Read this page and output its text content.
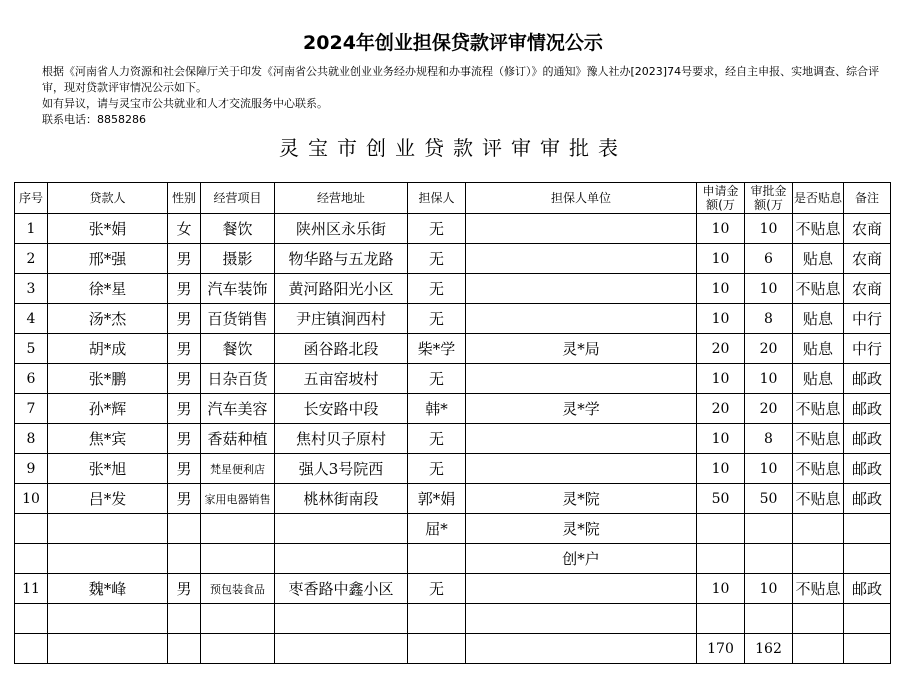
2024年创业担保贷款评审情况公示

根据《河南省人力资源和社会保障厅关于印发《河南省公共就业创业业务经办规程和办事流程（修订）》的通知》豫人社办[2023]74号要求，经自主申报、实地调查、综合评审，现对贷款评审情况公示如下。

如有异议，请与灵宝市公共就业和人才交流服务中心联系。

联系电话：8858286

灵宝市创业贷款评审审批表
序号	贷款人	性别	经营项目	经营地址	担保人	担保人单位	申请金额(万	审批金额(万	是否贴息	备注
1	张*娟	女	餐饮	陕州区永乐街	无		10	10	不贴息	农商
2	邢*强	男	摄影	物华路与五龙路	无		10	6	贴息	农商
3	徐*星	男	汽车装饰	黄河路阳光小区	无		10	10	不贴息	农商
4	汤*杰	男	百货销售	尹庄镇涧西村	无		10	8	贴息	中行
5	胡*成	男	餐饮	函谷路北段	柴*学	灵*局	20	20	贴息	中行
6	张*鹏	男	日杂百货	五亩窑坡村	无		10	10	贴息	邮政
7	孙*辉	男	汽车美容	长安路中段	韩*	灵*学	20	20	不贴息	邮政
8	焦*宾	男	香菇种植	焦村贝子原村	无		10	8	不贴息	邮政
9	张*旭	男	梵星便利店	强人3号院西	无		10	10	不贴息	邮政
10	吕*发	男	家用电器销售	桃林街南段	郭*娟	灵*院	50	50	不贴息	邮政
					屈*	灵*院				
						创*户				
11	魏*峰	男	预包装食品	枣香路中鑫小区	无		10	10	不贴息	邮政

							170	162		
